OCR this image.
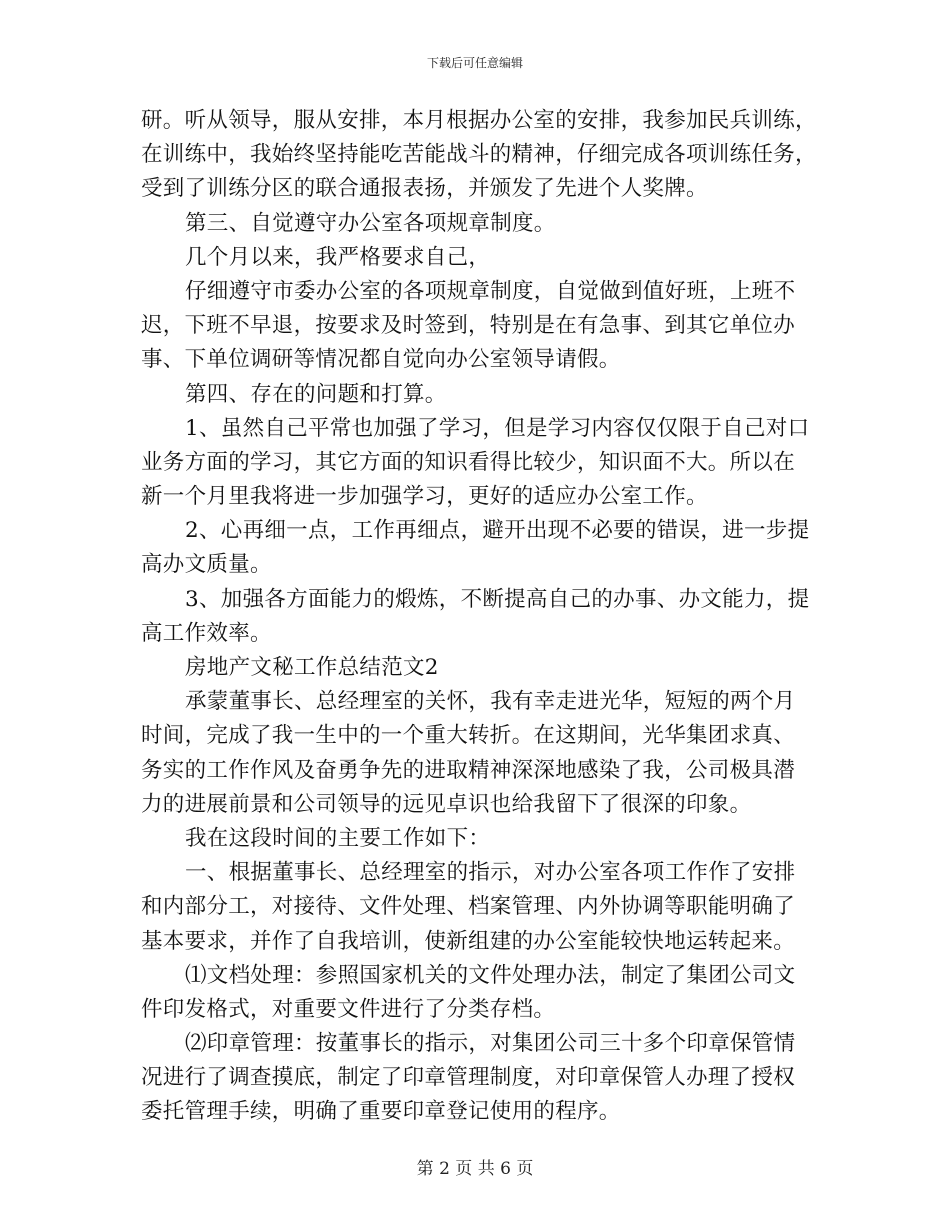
下载后可任意编辑
研。听从领导，服从安排，本月根据办公室的安排，我参加民兵训练，
在训练中，我始终坚持能吃苦能战斗的精神，仔细完成各项训练任务，
受到了训练分区的联合通报表扬，并颁发了先进个人奖牌。
第三、自觉遵守办公室各项规章制度。
几个月以来，我严格要求自己，
仔细遵守市委办公室的各项规章制度，自觉做到值好班，上班不
迟，下班不早退，按要求及时签到，特别是在有急事、到其它单位办
事、下单位调研等情况都自觉向办公室领导请假。
第四、存在的问题和打算。
1、虽然自己平常也加强了学习，但是学习内容仅仅限于自己对口
业务方面的学习，其它方面的知识看得比较少，知识面不大。所以在
新一个月里我将进一步加强学习，更好的适应办公室工作。
2、心再细一点，工作再细点，避开出现不必要的错误，进一步提
高办文质量。
3、加强各方面能力的煅炼，不断提高自己的办事、办文能力，提
高工作效率。
房地产文秘工作总结范文2
承蒙董事长、总经理室的关怀，我有幸走进光华，短短的两个月
时间，完成了我一生中的一个重大转折。在这期间，光华集团求真、
务实的工作作风及奋勇争先的进取精神深深地感染了我，公司极具潜
力的进展前景和公司领导的远见卓识也给我留下了很深的印象。
我在这段时间的主要工作如下：
一、根据董事长、总经理室的指示，对办公室各项工作作了安排
和内部分工，对接待、文件处理、档案管理、内外协调等职能明确了
基本要求，并作了自我培训，使新组建的办公室能较快地运转起来。
⑴文档处理：参照国家机关的文件处理办法，制定了集团公司文
件印发格式，对重要文件进行了分类存档。
⑵印章管理：按董事长的指示，对集团公司三十多个印章保管情
况进行了调查摸底，制定了印章管理制度，对印章保管人办理了授权
委托管理手续，明确了重要印章登记使用的程序。
第 2 页 共 6 页
